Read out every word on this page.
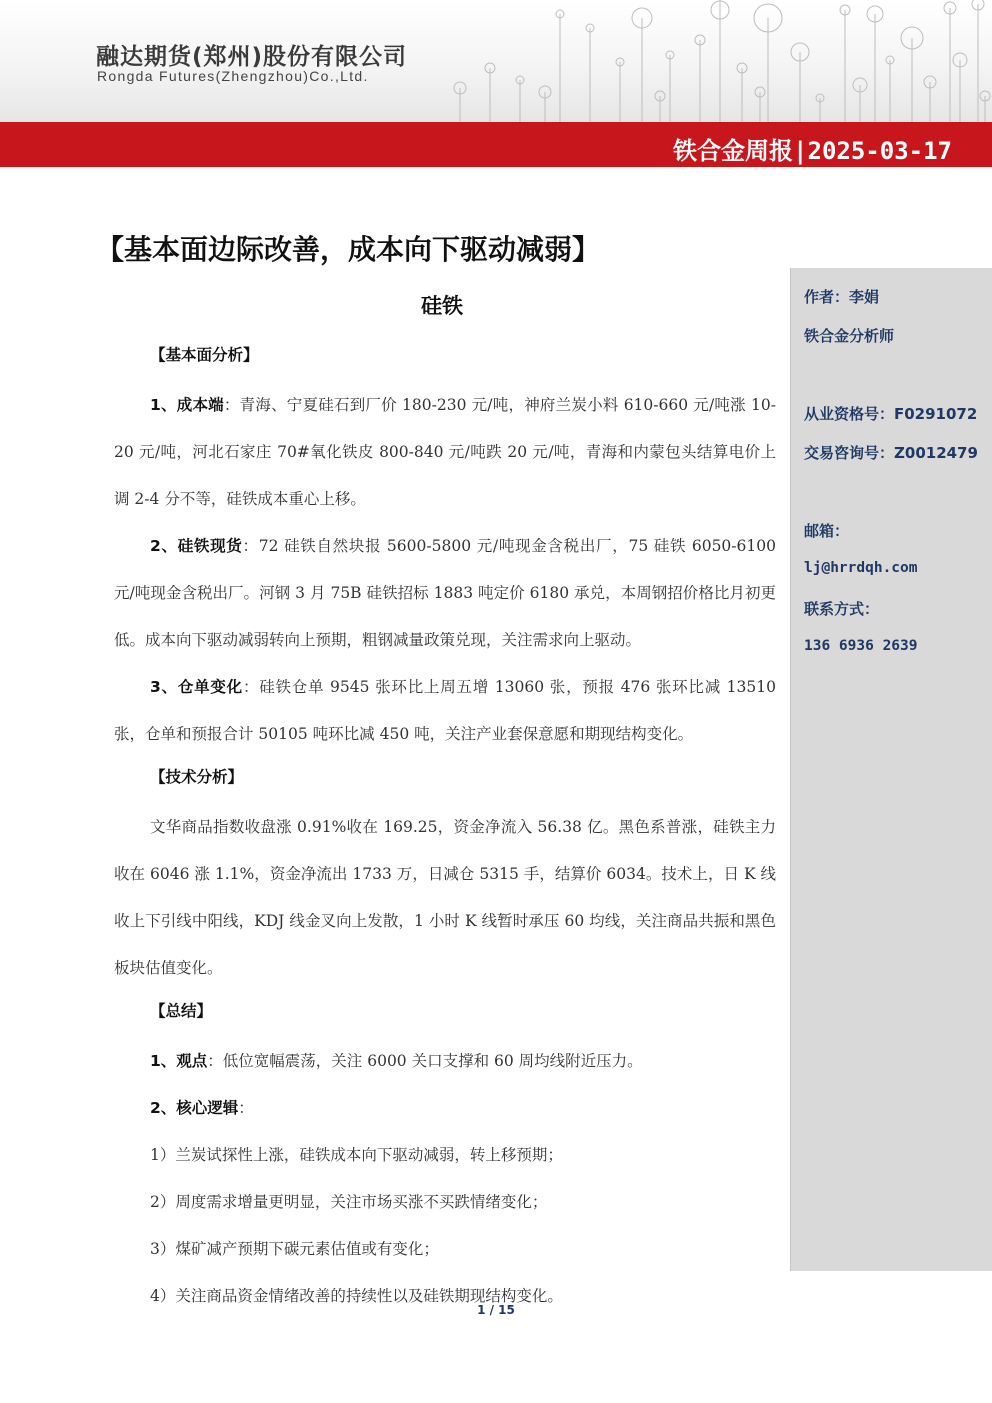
融达期货(郑州)股份有限公司
Rongda Futures(Zhengzhou)Co.,Ltd.
铁合金周报|2025-03-17
【基本面边际改善，成本向下驱动减弱】
硅铁
【基本面分析】

1、成本端：青海、宁夏硅石到厂价 180-230 元/吨，神府兰炭小料 610-660 元/吨涨 10-20 元/吨，河北石家庄 70#氧化铁皮 800-840 元/吨跌 20 元/吨，青海和内蒙包头结算电价上调 2-4 分不等，硅铁成本重心上移。

2、硅铁现货：72 硅铁自然块报 5600-5800 元/吨现金含税出厂，75 硅铁 6050-6100 元/吨现金含税出厂。河钢 3 月 75B 硅铁招标 1883 吨定价 6180 承兑，本周钢招价格比月初更低。成本向下驱动减弱转向上预期，粗钢减量政策兑现，关注需求向上驱动。

3、仓单变化：硅铁仓单 9545 张环比上周五增 13060 张，预报 476 张环比减 13510 张，仓单和预报合计 50105 吨环比减 450 吨，关注产业套保意愿和期现结构变化。

【技术分析】

文华商品指数收盘涨 0.91%收在 169.25，资金净流入 56.38 亿。黑色系普涨，硅铁主力收在 6046 涨 1.1%，资金净流出 1733 万，日减仓 5315 手，结算价 6034。技术上，日 K 线收上下引线中阳线，KDJ 线金叉向上发散，1 小时 K 线暂时承压 60 均线，关注商品共振和黑色板块估值变化。

【总结】

1、观点：低位宽幅震荡，关注 6000 关口支撑和 60 周均线附近压力。

2、核心逻辑：

1）兰炭试探性上涨，硅铁成本向下驱动减弱，转上移预期；

2）周度需求增量更明显，关注市场买涨不买跌情绪变化；

3）煤矿减产预期下碳元素估值或有变化；

4）关注商品资金情绪改善的持续性以及硅铁期现结构变化。

作者：李娟
铁合金分析师
从业资格号：F0291072
交易咨询号：Z0012479
邮箱：
lj@hrrdqh.com
联系方式：
136 6936 2639
1 / 15
